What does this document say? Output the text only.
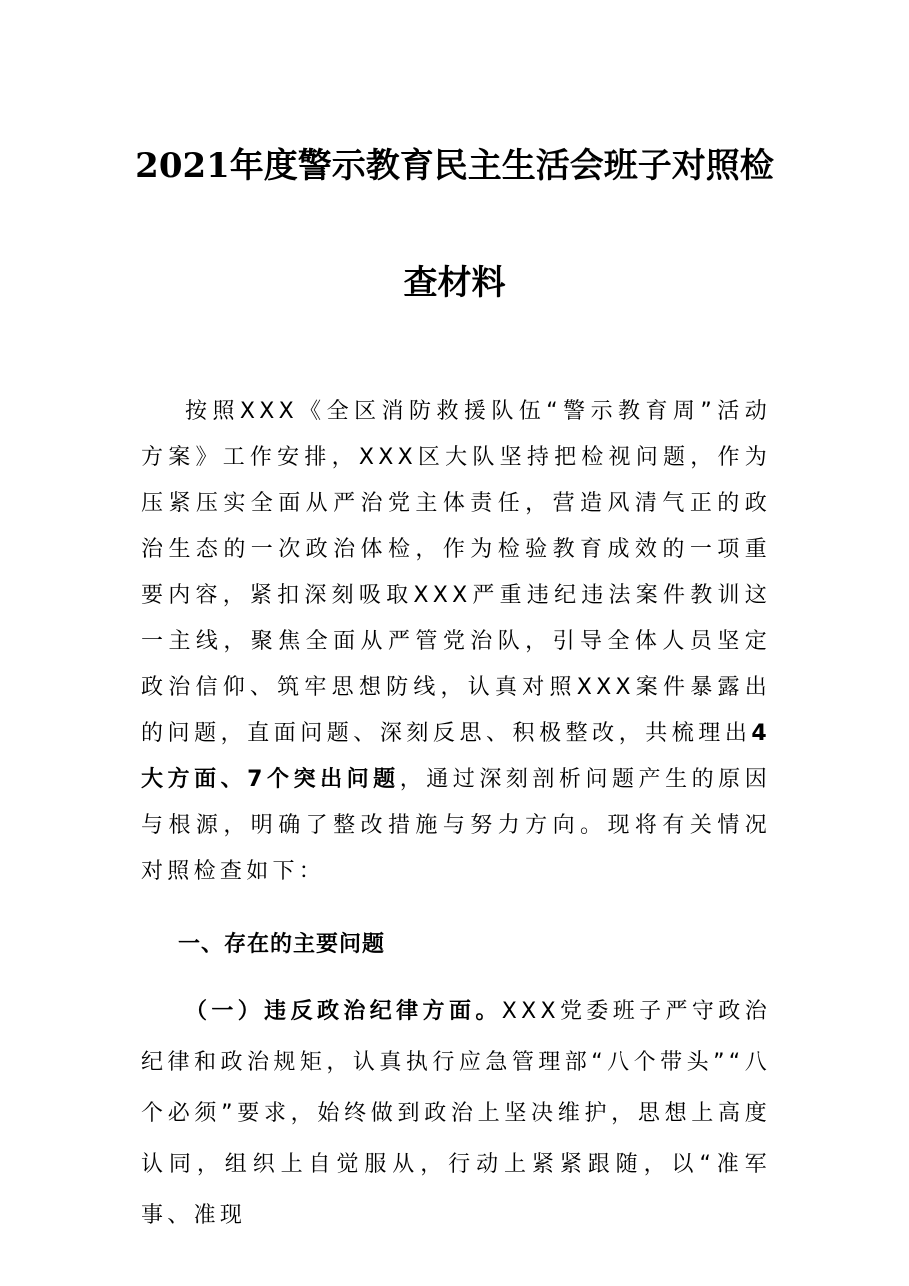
2021年度警示教育民主生活会班子对照检
查材料

按照XXX《全区消防救援队伍“警示教育周”活动方案》工作安排，XXX区大队坚持把检视问题，作为压紧压实全面从严治党主体责任，营造风清气正的政治生态的一次政治体检，作为检验教育成效的一项重要内容，紧扣深刻吸取XXX严重违纪违法案件教训这一主线，聚焦全面从严管党治队，引导全体人员坚定政治信仰、筑牢思想防线，认真对照XXX案件暴露出的问题，直面问题、深刻反思、积极整改，共梳理出4大方面、7个突出问题，通过深刻剖析问题产生的原因与根源，明确了整改措施与努力方向。现将有关情况对照检查如下：

一、存在的主要问题

（一）违反政治纪律方面。XXX党委班子严守政治纪律和政治规矩，认真执行应急管理部“八个带头”“八个必须”要求，始终做到政治上坚决维护，思想上高度认同，组织上自觉服从，行动上紧紧跟随，以“准军事、准现
